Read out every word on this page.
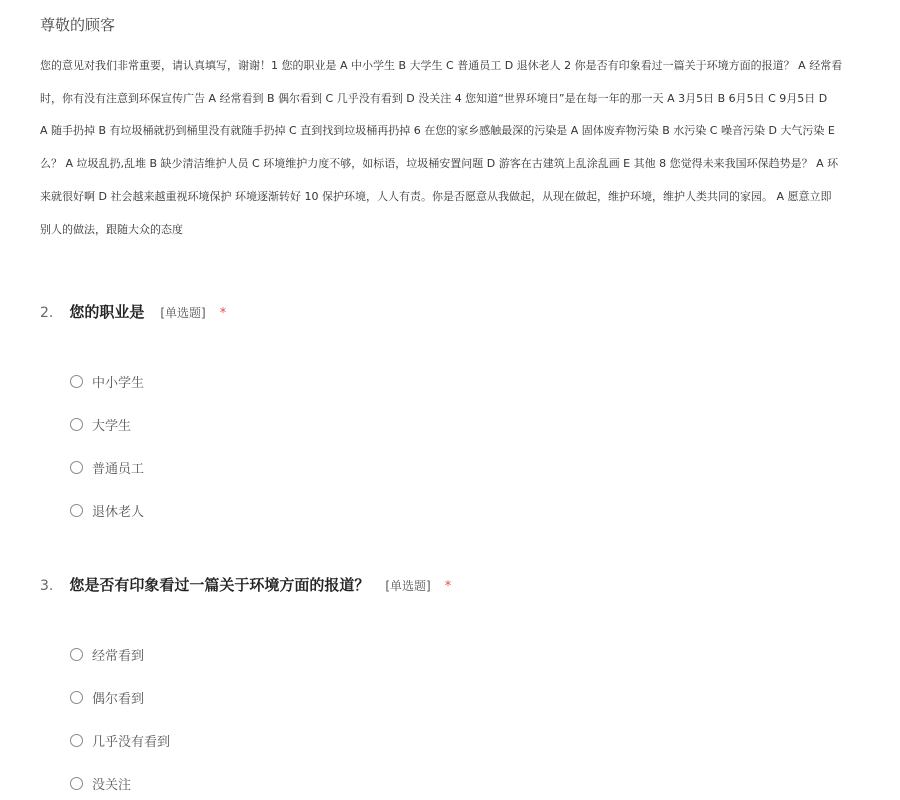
尊敬的顾客
您的意见对我们非常重要，请认真填写，谢谢！1 您的职业是 A 中小学生 B 大学生 C 普通员工 D 退休老人 2 你是否有印象看过一篇关于环境方面的报道？ A 经常看
时，你有没有注意到环保宣传广告 A 经常看到 B 偶尔看到 C 几乎没有看到 D 没关注 4 您知道“世界环境日”是在每一年的那一天 A 3月5日 B 6月5日 C 9月5日 D
A 随手扔掉 B 有垃圾桶就扔到桶里没有就随手扔掉 C 直到找到垃圾桶再扔掉 6 在您的家乡感触最深的污染是 A 固体废弃物污染 B 水污染 C 噪音污染 D 大气污染 E
么？ A 垃圾乱扔,乱堆 B 缺少清洁维护人员 C 环境维护力度不够，如标语，垃圾桶安置问题 D 游客在古建筑上乱涂乱画 E 其他 8 您觉得未来我国环保趋势是？ A 环
来就很好啊 D 社会越来越重视环境保护 环境逐渐转好 10 保护环境，人人有责。你是否愿意从我做起，从现在做起，维护环境，维护人类共同的家园。 A 愿意立即
别人的做法，跟随大众的态度
2. 您的职业是 [单选题] *
中小学生
大学生
普通员工
退休老人
3. 您是否有印象看过一篇关于环境方面的报道？ [单选题] *
经常看到
偶尔看到
几乎没有看到
没关注
